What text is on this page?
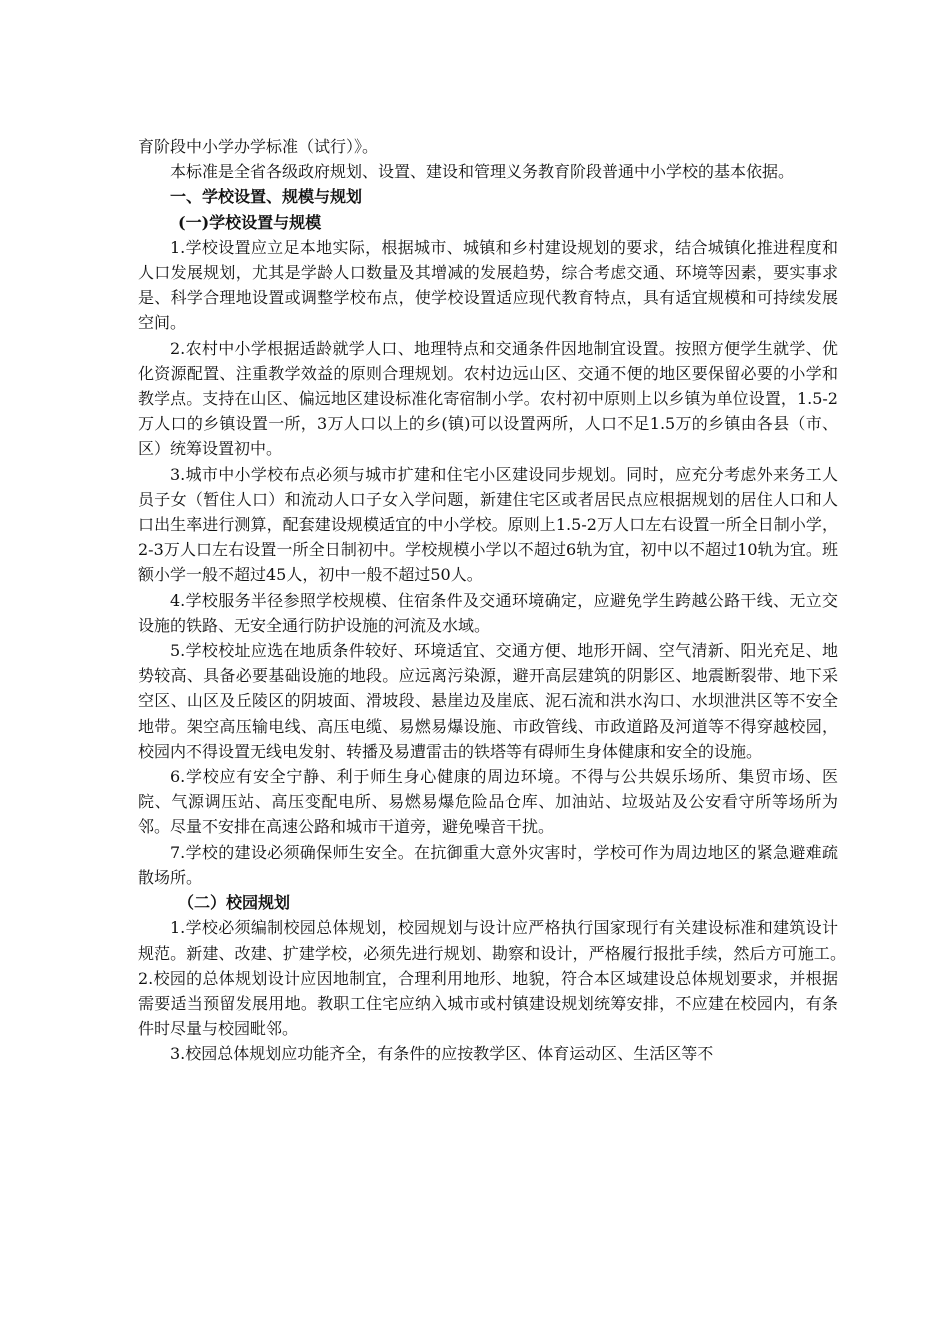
育阶段中小学办学标准（试行）》。

本标准是全省各级政府规划、设置、建设和管理义务教育阶段普通中小学校的基本依据。

一、学校设置、规模与规划

(一)学校设置与规模

1.学校设置应立足本地实际，根据城市、城镇和乡村建设规划的要求，结合城镇化推进程度和人口发展规划，尤其是学龄人口数量及其增减的发展趋势，综合考虑交通、环境等因素，要实事求是、科学合理地设置或调整学校布点，使学校设置适应现代教育特点，具有适宜规模和可持续发展空间。

2.农村中小学根据适龄就学人口、地理特点和交通条件因地制宜设置。按照方便学生就学、优化资源配置、注重教学效益的原则合理规划。农村边远山区、交通不便的地区要保留必要的小学和教学点。支持在山区、偏远地区建设标准化寄宿制小学。农村初中原则上以乡镇为单位设置，1.5-2万人口的乡镇设置一所，3万人口以上的乡(镇)可以设置两所，人口不足1.5万的乡镇由各县（市、区）统筹设置初中。

3.城市中小学校布点必须与城市扩建和住宅小区建设同步规划。同时，应充分考虑外来务工人员子女（暂住人口）和流动人口子女入学问题，新建住宅区或者居民点应根据规划的居住人口和人口出生率进行测算，配套建设规模适宜的中小学校。原则上1.5-2万人口左右设置一所全日制小学，2-3万人口左右设置一所全日制初中。学校规模小学以不超过6轨为宜，初中以不超过10轨为宜。班额小学一般不超过45人，初中一般不超过50人。

4.学校服务半径参照学校规模、住宿条件及交通环境确定，应避免学生跨越公路干线、无立交设施的铁路、无安全通行防护设施的河流及水域。

5.学校校址应选在地质条件较好、环境适宜、交通方便、地形开阔、空气清新、阳光充足、地势较高、具备必要基础设施的地段。应远离污染源，避开高层建筑的阴影区、地震断裂带、地下采空区、山区及丘陵区的阴坡面、滑坡段、悬崖边及崖底、泥石流和洪水沟口、水坝泄洪区等不安全地带。架空高压输电线、高压电缆、易燃易爆设施、市政管线、市政道路及河道等不得穿越校园，校园内不得设置无线电发射、转播及易遭雷击的铁塔等有碍师生身体健康和安全的设施。

6.学校应有安全宁静、利于师生身心健康的周边环境。不得与公共娱乐场所、集贸市场、医院、气源调压站、高压变配电所、易燃易爆危险品仓库、加油站、垃圾站及公安看守所等场所为邻。尽量不安排在高速公路和城市干道旁，避免噪音干扰。

7.学校的建设必须确保师生安全。在抗御重大意外灾害时，学校可作为周边地区的紧急避难疏散场所。

（二）校园规划

1.学校必须编制校园总体规划，校园规划与设计应严格执行国家现行有关建设标准和建筑设计规范。新建、改建、扩建学校，必须先进行规划、勘察和设计，严格履行报批手续，然后方可施工。　2.校园的总体规划设计应因地制宜，合理利用地形、地貌，符合本区域建设总体规划要求，并根据需要适当预留发展用地。教职工住宅应纳入城市或村镇建设规划统筹安排，不应建在校园内，有条件时尽量与校园毗邻。

3.校园总体规划应功能齐全，有条件的应按教学区、体育运动区、生活区等不
